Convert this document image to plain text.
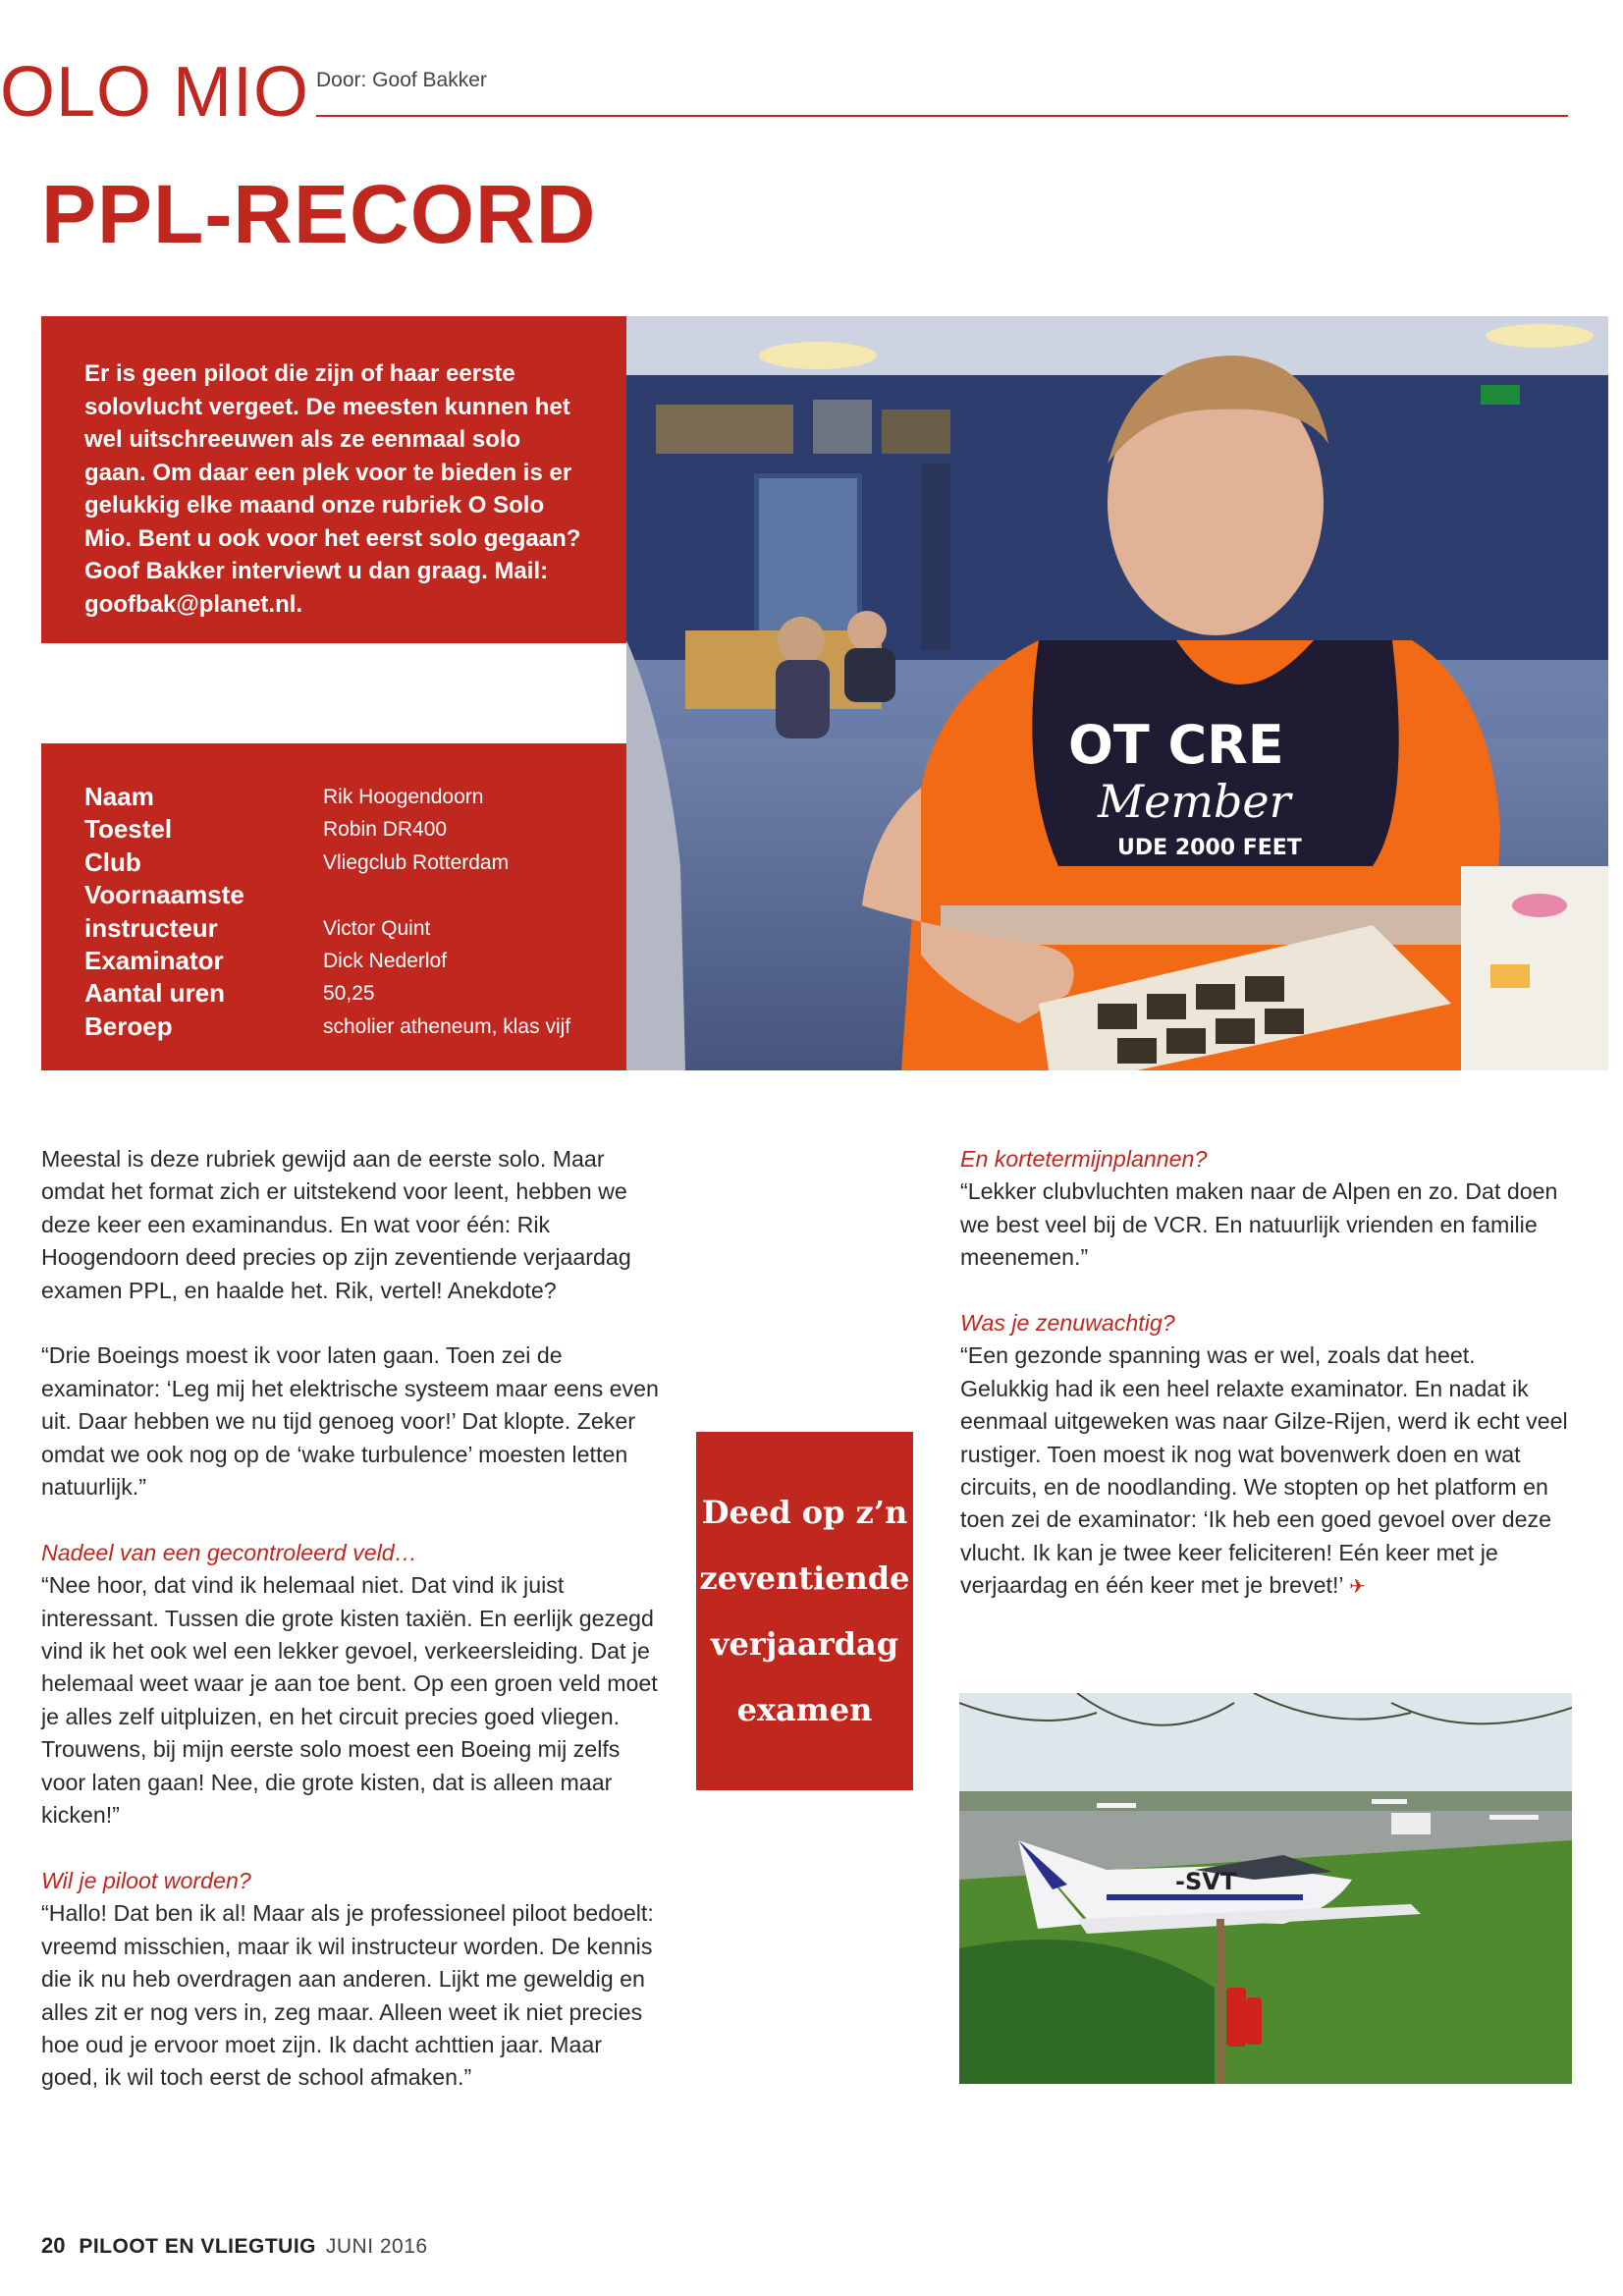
OLO MIO Door: Goof Bakker
PPL-RECORD

Er is geen piloot die zijn of haar eerste solovlucht vergeet. De meesten kunnen het wel uitschreeuwen als ze eenmaal solo gaan. Om daar een plek voor te bieden is er gelukkig elke maand onze rubriek O Solo Mio. Bent u ook voor het eerst solo gegaan? Goof Bakker interviewt u dan graag. Mail: goofbak@planet.nl.

OT CRE
Member
UDE 2000 FEET
Naam	Rik Hoogendoorn
Toestel	Robin DR400
Club	Vliegclub Rotterdam
Voornaamste
instructeur	Victor Quint
Examinator	Dick Nederlof
Aantal uren	50,25
Beroep	scholier atheneum, klas vijf

Meestal is deze rubriek gewijd aan de eerste solo. Maar omdat het format zich er uitstekend voor leent, hebben we deze keer een examinandus. En wat voor één: Rik Hoogendoorn deed precies op zijn zeventiende verjaardag examen PPL, en haalde het. Rik, vertel! Anekdote?

“Drie Boeings moest ik voor laten gaan. Toen zei de examinator: ‘Leg mij het elektrische systeem maar eens even uit. Daar hebben we nu tijd genoeg voor!’ Dat klopte. Zeker omdat we ook nog op de ‘wake turbulence’ moesten letten natuurlijk.”

Nadeel van een gecontroleerd veld…
“Nee hoor, dat vind ik helemaal niet. Dat vind ik juist interessant. Tussen die grote kisten taxiën. En eerlijk gezegd vind ik het ook wel een lekker gevoel, verkeersleiding. Dat je helemaal weet waar je aan toe bent. Op een groen veld moet je alles zelf uitpluizen, en het circuit precies goed vliegen. Trouwens, bij mijn eerste solo moest een Boeing mij zelfs voor laten gaan! Nee, die grote kisten, dat is alleen maar kicken!”

Wil je piloot worden?
“Hallo! Dat ben ik al! Maar als je professioneel piloot bedoelt: vreemd misschien, maar ik wil instructeur worden. De kennis die ik nu heb overdragen aan anderen. Lijkt me geweldig en alles zit er nog vers in, zeg maar. Alleen weet ik niet precies hoe oud je ervoor moet zijn. Ik dacht achttien jaar. Maar goed, ik wil toch eerst de school afmaken.”

Deed op z’n
zeventiende
verjaardag
examen

En kortetermijnplannen?
“Lekker clubvluchten maken naar de Alpen en zo. Dat doen we best veel bij de VCR. En natuurlijk vrienden en familie meenemen.”

Was je zenuwachtig?
“Een gezonde spanning was er wel, zoals dat heet. Gelukkig had ik een heel relaxte examinator. En nadat ik eenmaal uitgeweken was naar Gilze-Rijen, werd ik echt veel rustiger. Toen moest ik nog wat bovenwerk doen en wat circuits, en de noodlanding. We stopten op het platform en toen zei de examinator: ‘Ik heb een goed gevoel over deze vlucht. Ik kan je twee keer feliciteren! Eén keer met je verjaardag en één keer met je brevet!’ ✈

-SVT
20 PILOOT EN VLIEGTUIG JUNI 2016
